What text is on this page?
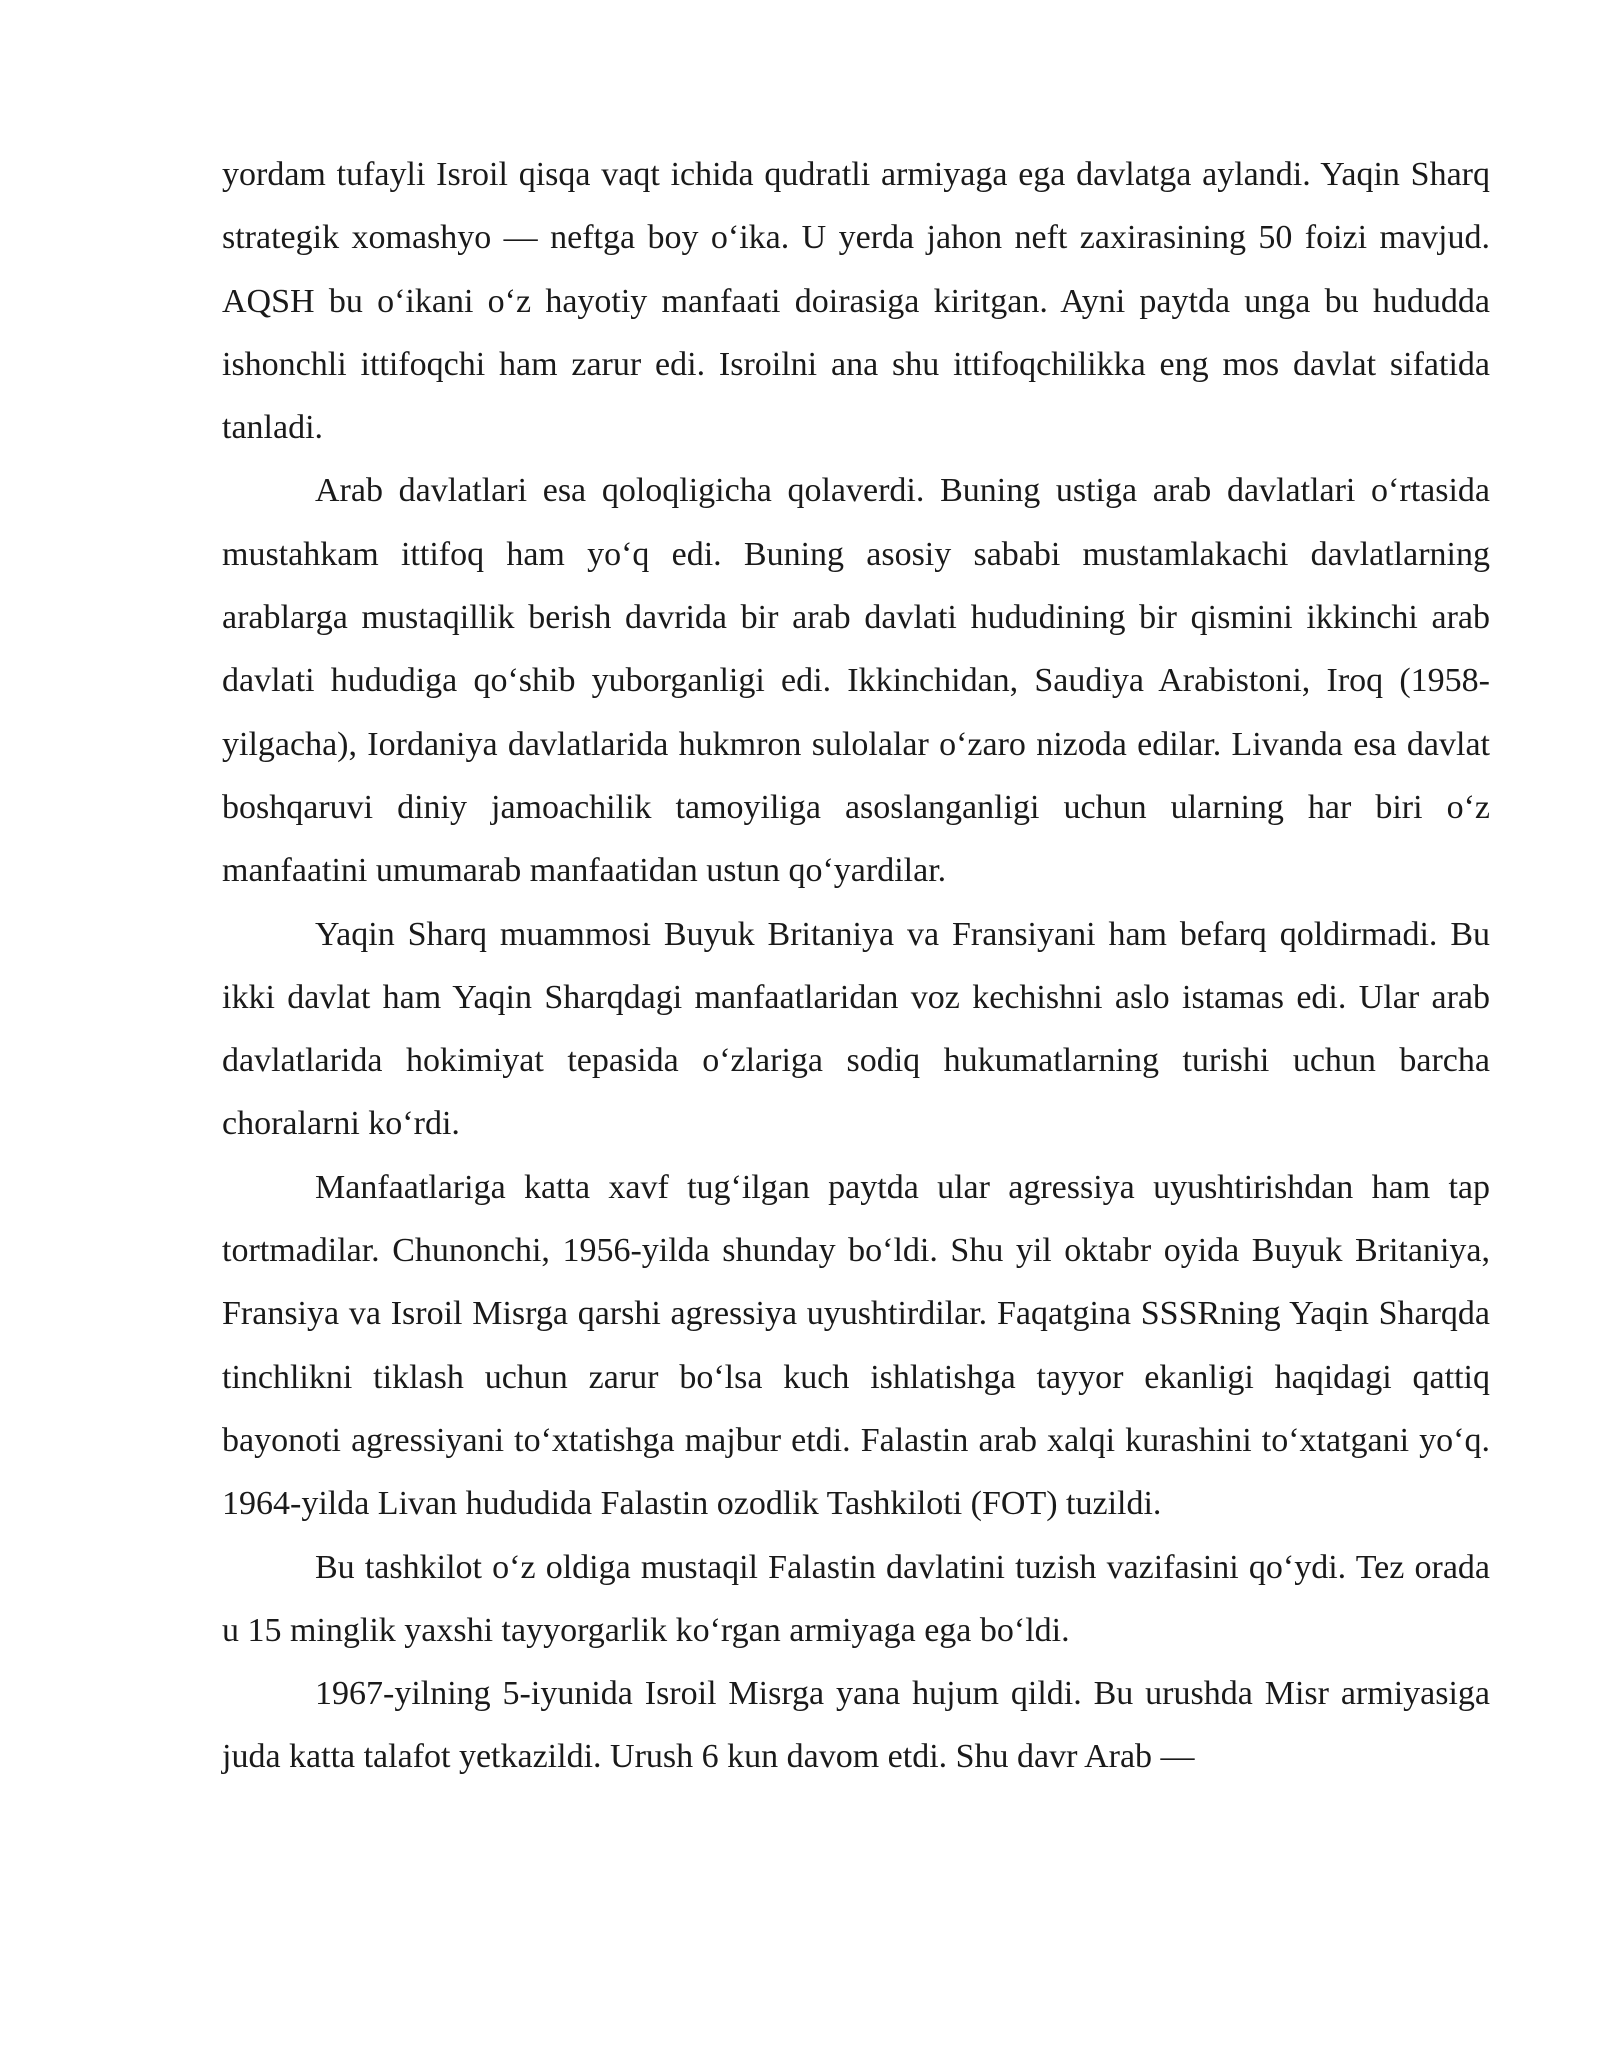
yordam tufayli Isroil qisqa vaqt ichida qudratli armiyaga ega davlatga aylandi. Yaqin Sharq strategik xomashyo — neftga boy o‘ika. U yerda jahon neft zaxirasining 50 foizi mavjud. AQSH bu o‘ikani o‘z hayotiy manfaati doirasiga kiritgan. Ayni paytda unga bu hududda ishonchli ittifoqchi ham zarur edi. Isroilni ana shu ittifoqchilikka eng mos davlat sifatida tanladi.

Arab davlatlari esa qoloqligicha qolaverdi. Buning ustiga arab davlatlari o‘rtasida mustahkam ittifoq ham yo‘q edi. Buning asosiy sababi mustamlakachi davlatlarning arablarga mustaqillik berish davrida bir arab davlati hududining bir qismini ikkinchi arab davlati hududiga qo‘shib yuborganligi edi. Ikkinchidan, Saudiya Arabistoni, Iroq (1958-yilgacha), Iordaniya davlatlarida hukmron sulolalar o‘zaro nizoda edilar. Livanda esa davlat boshqaruvi diniy jamoachilik tamoyiliga asoslanganligi uchun ularning har biri o‘z manfaatini umumarab manfaatidan ustun qo‘yardilar.

Yaqin Sharq muammosi Buyuk Britaniya va Fransiyani ham befarq qoldirmadi. Bu ikki davlat ham Yaqin Sharqdagi manfaatlaridan voz kechishni aslo istamas edi. Ular arab davlatlarida hokimiyat tepasida o‘zlariga sodiq hukumatlarning turishi uchun barcha choralarni ko‘rdi.

Manfaatlariga katta xavf tug‘ilgan paytda ular agressiya uyushtirishdan ham tap tortmadilar. Chunonchi, 1956-yilda shunday bo‘ldi. Shu yil oktabr oyida Buyuk Britaniya, Fransiya va Isroil Misrga qarshi agressiya uyushtirdilar. Faqatgina SSSRning Yaqin Sharqda tinchlikni tiklash uchun zarur bo‘lsa kuch ishlatishga tayyor ekanligi haqidagi qattiq bayonoti agressiyani to‘xtatishga majbur etdi. Falastin arab xalqi kurashini to‘xtatgani yo‘q. 1964-yilda Livan hududida Falastin ozodlik Tashkiloti (FOT) tuzildi.

Bu tashkilot o‘z oldiga mustaqil Falastin davlatini tuzish vazifasini qo‘ydi. Tez orada u 15 minglik yaxshi tayyorgarlik ko‘rgan armiyaga ega bo‘ldi.

1967-yilning 5-iyunida Isroil Misrga yana hujum qildi. Bu urushda Misr armiyasiga juda katta talafot yetkazildi. Urush 6 kun davom etdi. Shu davr Arab —
